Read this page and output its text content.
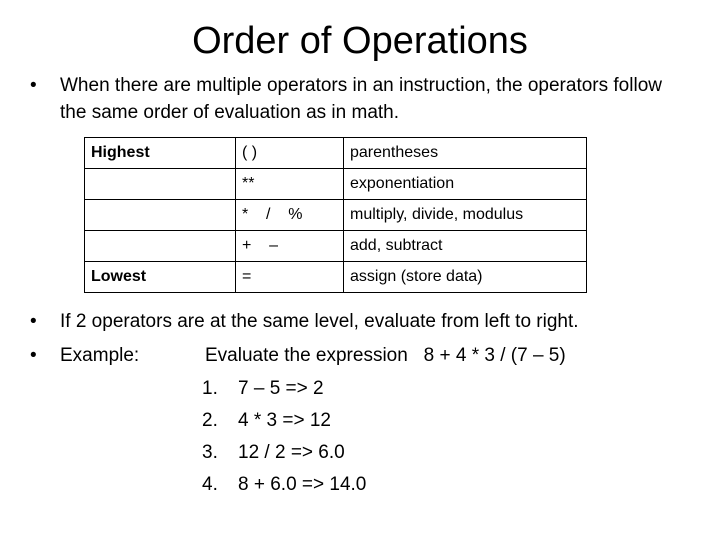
Order of Operations
•	When there are multiple operators in an instruction, the operators follow the same order of evaluation as in math.
Highest	( )	parentheses
	**	exponentiation
	*    /    %	multiply, divide, modulus
	+    –	add, subtract
Lowest	=	assign (store data)
•	If 2 operators are at the same level, evaluate from left to right.
•	Example:	Evaluate the expression   8 + 4 * 3 / (7 – 5)
1.	7 – 5 => 2
2.	4 * 3 => 12
3.	12 / 2 => 6.0
4.	8 + 6.0 => 14.0
